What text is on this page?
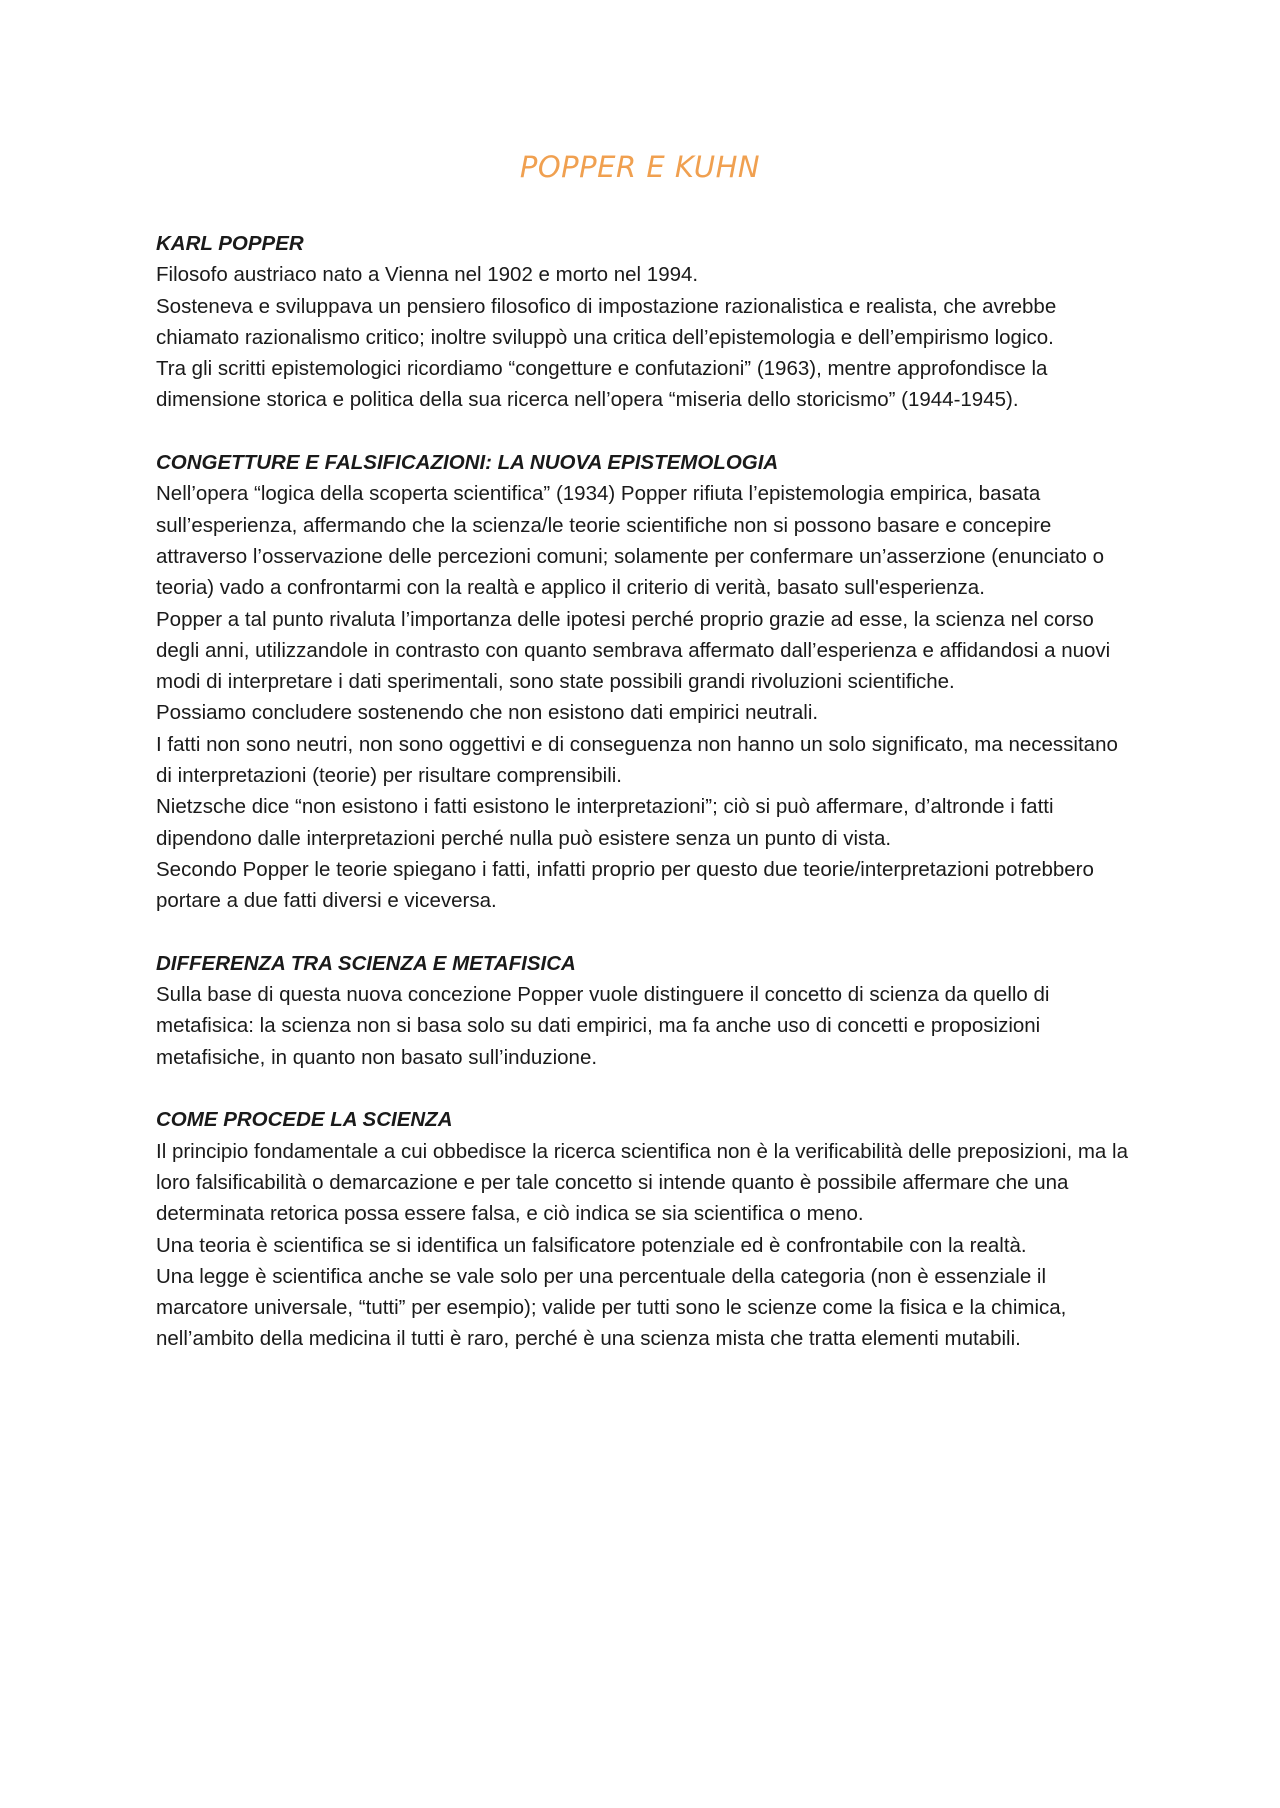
POPPER E KUHN

KARL POPPER

Filosofo austriaco nato a Vienna nel 1902 e morto nel 1994.

Sosteneva e sviluppava un pensiero filosofico di impostazione razionalistica e realista, che avrebbe chiamato razionalismo critico; inoltre sviluppò una critica dell’epistemologia e dell’empirismo logico.

Tra gli scritti epistemologici ricordiamo “congetture e confutazioni” (1963), mentre approfondisce la dimensione storica e politica della sua ricerca nell’opera “miseria dello storicismo” (1944-1945).

CONGETTURE E FALSIFICAZIONI: LA NUOVA EPISTEMOLOGIA

Nell’opera “logica della scoperta scientifica” (1934) Popper rifiuta l’epistemologia empirica, basata sull’esperienza, affermando che la scienza/le teorie scientifiche non si possono basare e concepire attraverso l’osservazione delle percezioni comuni; solamente per confermare un’asserzione (enunciato o teoria) vado a confrontarmi con la realtà e applico il criterio di verità, basato sull'esperienza.

Popper a tal punto rivaluta l’importanza delle ipotesi perché proprio grazie ad esse, la scienza nel corso degli anni, utilizzandole in contrasto con quanto sembrava affermato dall’esperienza e affidandosi a nuovi modi di interpretare i dati sperimentali, sono state possibili grandi rivoluzioni scientifiche.

Possiamo concludere sostenendo che non esistono dati empirici neutrali.

I fatti non sono neutri, non sono oggettivi e di conseguenza non hanno un solo significato, ma necessitano di interpretazioni (teorie) per risultare comprensibili.

Nietzsche dice “non esistono i fatti esistono le interpretazioni”; ciò si può affermare, d’altronde i fatti dipendono dalle interpretazioni perché nulla può esistere senza un punto di vista.

Secondo Popper le teorie spiegano i fatti, infatti proprio per questo due teorie/interpretazioni potrebbero portare a due fatti diversi e viceversa.

DIFFERENZA TRA SCIENZA E METAFISICA

Sulla base di questa nuova concezione Popper vuole distinguere il concetto di scienza da quello di metafisica: la scienza non si basa solo su dati empirici, ma fa anche uso di concetti e proposizioni metafisiche, in quanto non basato sull’induzione.

COME PROCEDE LA SCIENZA

Il principio fondamentale a cui obbedisce la ricerca scientifica non è la verificabilità delle preposizioni, ma la loro falsificabilità o demarcazione e per tale concetto si intende quanto è possibile affermare che una determinata retorica possa essere falsa, e ciò indica se sia scientifica o meno.

Una teoria è scientifica se si identifica un falsificatore potenziale ed è confrontabile con la realtà.

Una legge è scientifica anche se vale solo per una percentuale della categoria (non è essenziale il marcatore universale, “tutti” per esempio); valide per tutti sono le scienze come la fisica e la chimica, nell’ambito della medicina il tutti è raro, perché è una scienza mista che tratta elementi mutabili.
